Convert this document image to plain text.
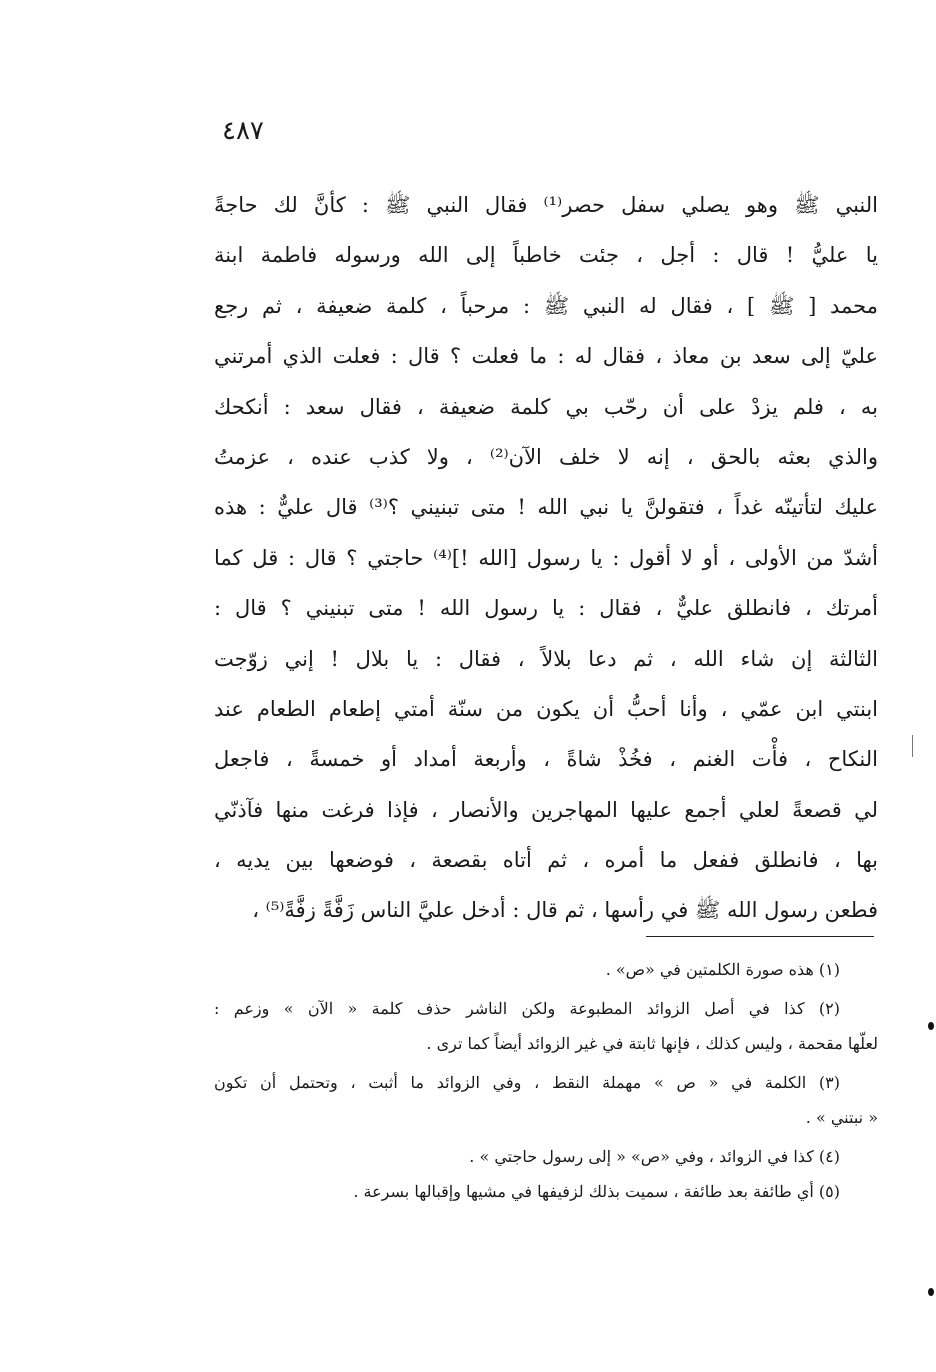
٤٨٧
النبي ﷺ وهو يصلي سفل حصر⁽¹⁾ فقال النبي ﷺ : كأنَّ لك حاجةً
يا عليُّ ! قال : أجل ، جئت خاطباً إلى الله ورسوله فاطمة ابنة
محمد [ ﷺ ] ، فقال له النبي ﷺ : مرحباً ، كلمة ضعيفة ، ثم رجع
عليّ إلى سعد بن معاذ ، فقال له : ما فعلت ؟ قال : فعلت الذي أمرتني
به ، فلم يزدْ على أن رحّب بي كلمة ضعيفة ، فقال سعد : أنكحك
والذي بعثه بالحق ، إنه لا خلف الآن⁽²⁾ ، ولا كذب عنده ، عزمتُ
عليك لتأتينّه غداً ، فتقولنَّ يا نبي الله ! متى تبنيني ؟⁽³⁾ قال عليٌّ : هذه
أشدّ من الأولى ، أو لا أقول : يا رسول [الله !]⁽⁴⁾ حاجتي ؟ قال : قل كما
أمرتك ، فانطلق عليٌّ ، فقال : يا رسول الله ! متى تبنيني ؟ قال :
الثالثة إن شاء الله ، ثم دعا بلالاً ، فقال : يا بلال ! إني زوّجت
ابنتي ابن عمّي ، وأنا أحبُّ أن يكون من سنّة أمتي إطعام الطعام عند
النكاح ، فأْت الغنم ، فخُذْ شاةً ، وأربعة أمداد أو خمسةً ، فاجعل
لي قصعةً لعلي أجمع عليها المهاجرين والأنصار ، فإذا فرغت منها فآذنّي
بها ، فانطلق ففعل ما أمره ، ثم أتاه بقصعة ، فوضعها بين يديه ،
فطعن رسول الله ﷺ في رأسها ، ثم قال : أدخل عليَّ الناس زَفَّةً زفَّةً⁽⁵⁾ ،
(١) هذه صورة الكلمتين في «ص» .
(٢) كذا في أصل الزوائد المطبوعة ولكن الناشر حذف كلمة « الآن » وزعم :
لعلّها مقحمة ، وليس كذلك ، فإنها ثابتة في غير الزوائد أيضاً كما ترى .
(٣) الكلمة في « ص » مهملة النقط ، وفي الزوائد ما أثبت ، وتحتمل أن تكون
« نبتني » .
(٤) كذا في الزوائد ، وفي «ص» « إلى رسول حاجتي » .
(٥) أي طائفة بعد طائفة ، سميت بذلك لزفيفها في مشيها وإقبالها بسرعة .
